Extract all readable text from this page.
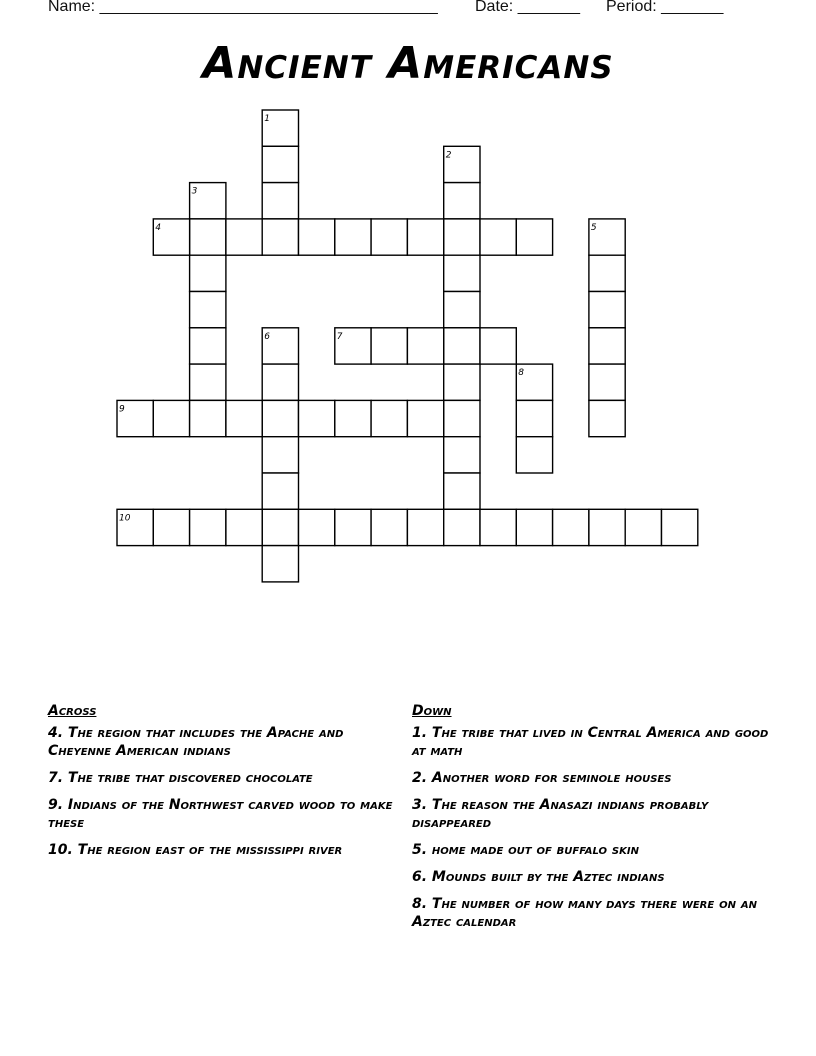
Name: ______________________________________ Date: _______ Period: _______
Ancient Americans
1
2
3
4	5
6	7
8
9
10
Across
4. The region that includes the Apache and Cheyenne American indians
7. The tribe that discovered chocolate
9. Indians of the Northwest carved wood to make these
10. The region east of the mississippi river
Down
1. The tribe that lived in Central America and good at math
2. Another word for seminole houses
3. The reason the Anasazi indians probably disappeared
5. home made out of buffalo skin
6. Mounds built by the Aztec indians
8. The number of how many days there were on an Aztec calendar
